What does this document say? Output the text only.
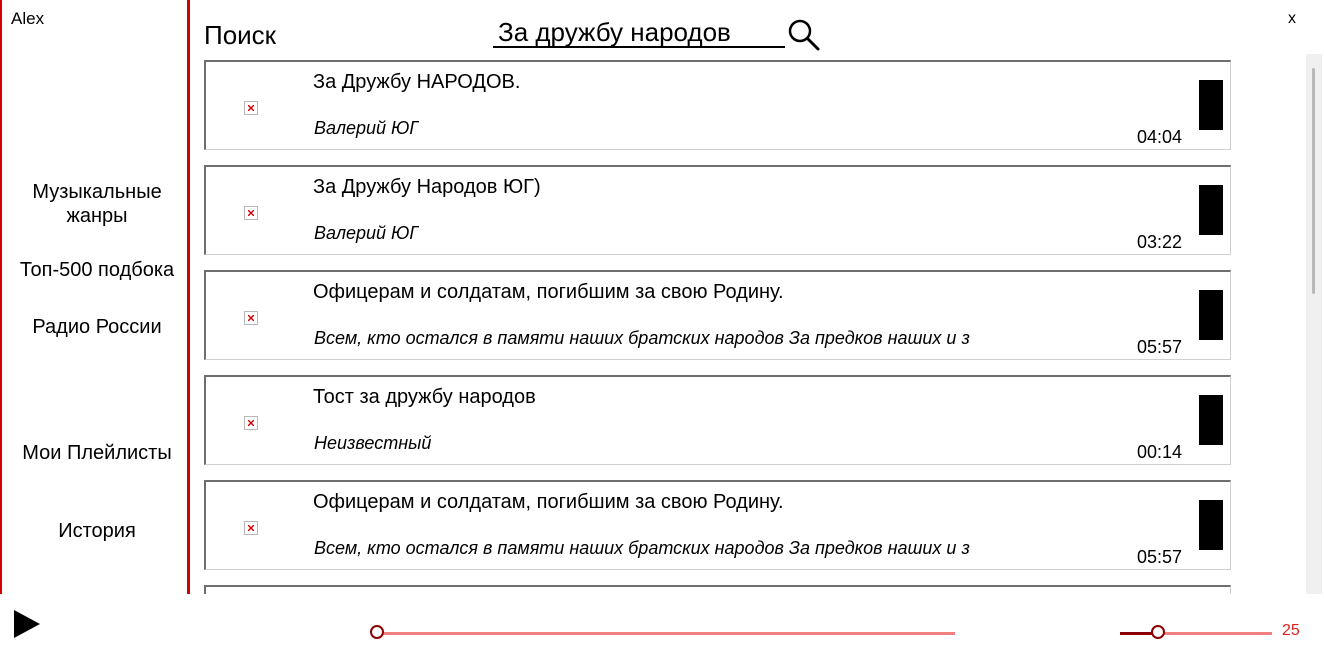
Alex
Музыкальные
жанры
Топ-500 подбока
Радио России
Мои Плейлисты
История
x
Поиск
За дружбу народов
За Дружбу НАРОДОВ.
Валерий ЮГ	04:04
За Дружбу Народов ЮГ)
Валерий ЮГ	03:22
Офицерам и солдатам, погибшим за свою Родину.
Всем, кто остался в памяти наших братских народов За предков наших и з	05:57
Тост за дружбу народов
Неизвестный	00:14
Офицерам и солдатам, погибшим за свою Родину.
Всем, кто остался в памяти наших братских народов За предков наших и з	05:57
25
